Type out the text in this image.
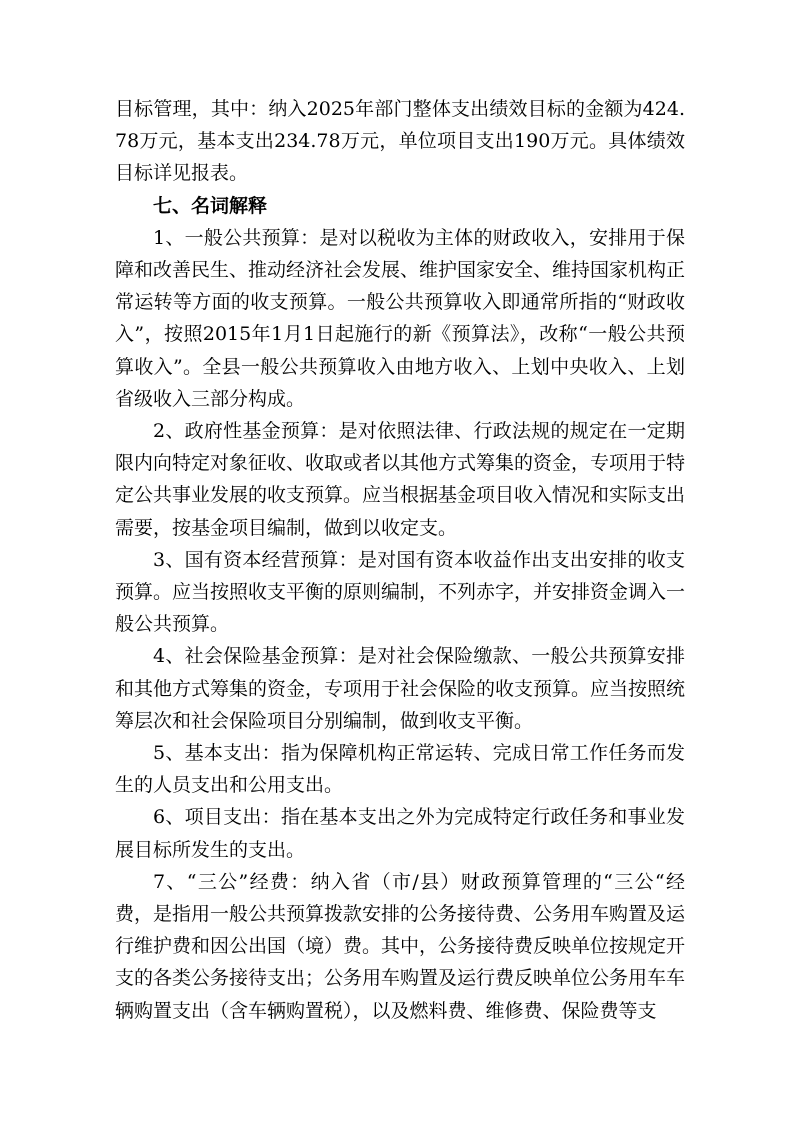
目标管理，其中：纳入2025年部门整体支出绩效目标的金额为424.78万元，基本支出234.78万元，单位项目支出190万元。具体绩效目标详见报表。

七、名词解释

1、一般公共预算：是对以税收为主体的财政收入，安排用于保障和改善民生、推动经济社会发展、维护国家安全、维持国家机构正常运转等方面的收支预算。一般公共预算收入即通常所指的“财政收入”，按照2015年1月1日起施行的新《预算法》，改称“一般公共预算收入”。全县一般公共预算收入由地方收入、上划中央收入、上划省级收入三部分构成。

2、政府性基金预算：是对依照法律、行政法规的规定在一定期限内向特定对象征收、收取或者以其他方式筹集的资金，专项用于特定公共事业发展的收支预算。应当根据基金项目收入情况和实际支出需要，按基金项目编制，做到以收定支。

3、国有资本经营预算：是对国有资本收益作出支出安排的收支预算。应当按照收支平衡的原则编制，不列赤字，并安排资金调入一般公共预算。

4、社会保险基金预算：是对社会保险缴款、一般公共预算安排和其他方式筹集的资金，专项用于社会保险的收支预算。应当按照统筹层次和社会保险项目分别编制，做到收支平衡。

5、基本支出：指为保障机构正常运转、完成日常工作任务而发生的人员支出和公用支出。

6、项目支出：指在基本支出之外为完成特定行政任务和事业发展目标所发生的支出。

7、“三公”经费：纳入省（市/县）财政预算管理的“三公“经费，是指用一般公共预算拨款安排的公务接待费、公务用车购置及运行维护费和因公出国（境）费。其中，公务接待费反映单位按规定开支的各类公务接待支出；公务用车购置及运行费反映单位公务用车车辆购置支出（含车辆购置税），以及燃料费、维修费、保险费等支
